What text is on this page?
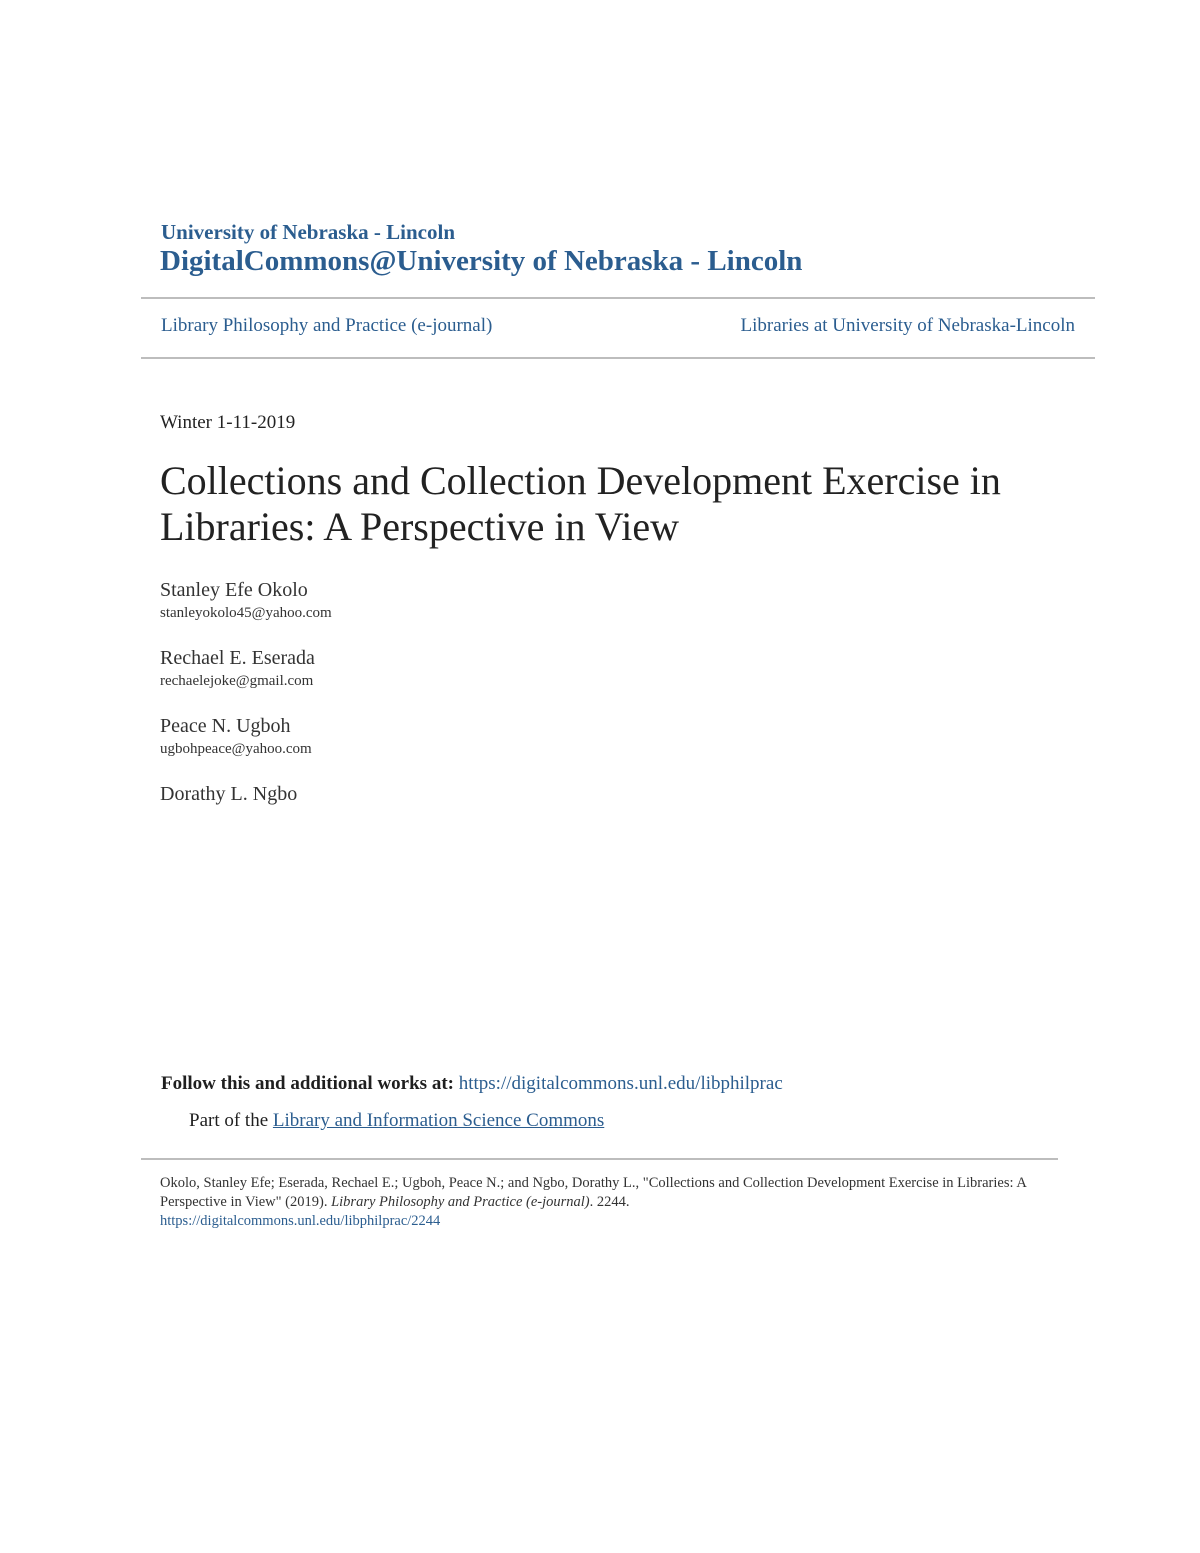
University of Nebraska - Lincoln
DigitalCommons@University of Nebraska - Lincoln
Library Philosophy and Practice (e-journal)	Libraries at University of Nebraska-Lincoln
Winter 1-11-2019
Collections and Collection Development Exercise in Libraries: A Perspective in View
Stanley Efe Okolo
stanleyokolo45@yahoo.com
Rechael E. Eserada
rechaelejoke@gmail.com
Peace N. Ugboh
ugbohpeace@yahoo.com
Dorathy L. Ngbo
Follow this and additional works at: https://digitalcommons.unl.edu/libphilprac
Part of the Library and Information Science Commons
Okolo, Stanley Efe; Eserada, Rechael E.; Ugboh, Peace N.; and Ngbo, Dorathy L., "Collections and Collection Development Exercise in Libraries: A Perspective in View" (2019). Library Philosophy and Practice (e-journal). 2244.
https://digitalcommons.unl.edu/libphilprac/2244
